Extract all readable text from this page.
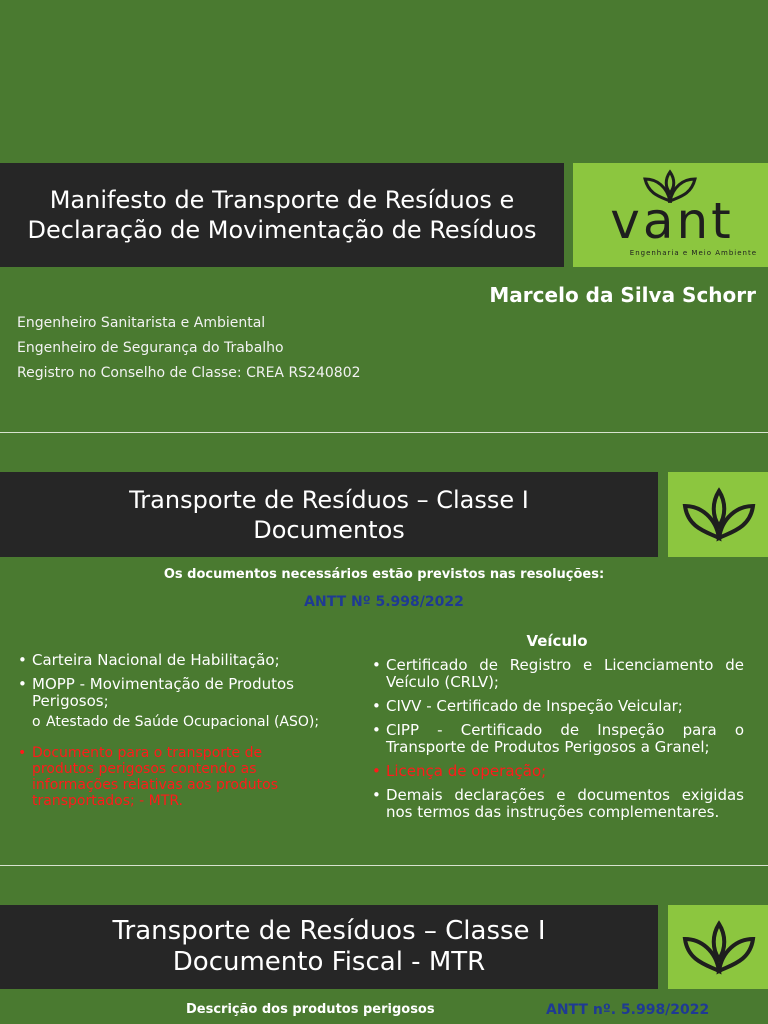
Manifesto de Transporte de Resíduos e
Declaração de Movimentação de Resíduos	vant
Engenharia e Meio Ambiente
Marcelo da Silva Schorr
Engenheiro Sanitarista e Ambiental
Engenheiro de Segurança do Trabalho
Registro no Conselho de Classe: CREA RS240802
Transporte de Resíduos – Classe I
Documentos
Os documentos necessários estão previstos nas resoluções:
ANTT Nº 5.998/2022
• Carteira Nacional de Habilitação;
• MOPP - Movimentação de Produtos Perigosos;
o Atestado de Saúde Ocupacional (ASO);
• Documento para o transporte de produtos perigosos contendo as informações relativas aos produtos transportados; - MTR.
Veículo
• Certificado de Registro e Licenciamento de Veículo (CRLV);
• CIVV - Certificado de Inspeção Veicular;
• CIPP - Certificado de Inspeção para o Transporte de Produtos Perigosos a Granel;
• Licença de operação;
• Demais declarações e documentos exigidas nos termos das instruções complementares.
Transporte de Resíduos – Classe I
Documento Fiscal - MTR
Descrição dos produtos perigosos	ANTT nº. 5.998/2022
